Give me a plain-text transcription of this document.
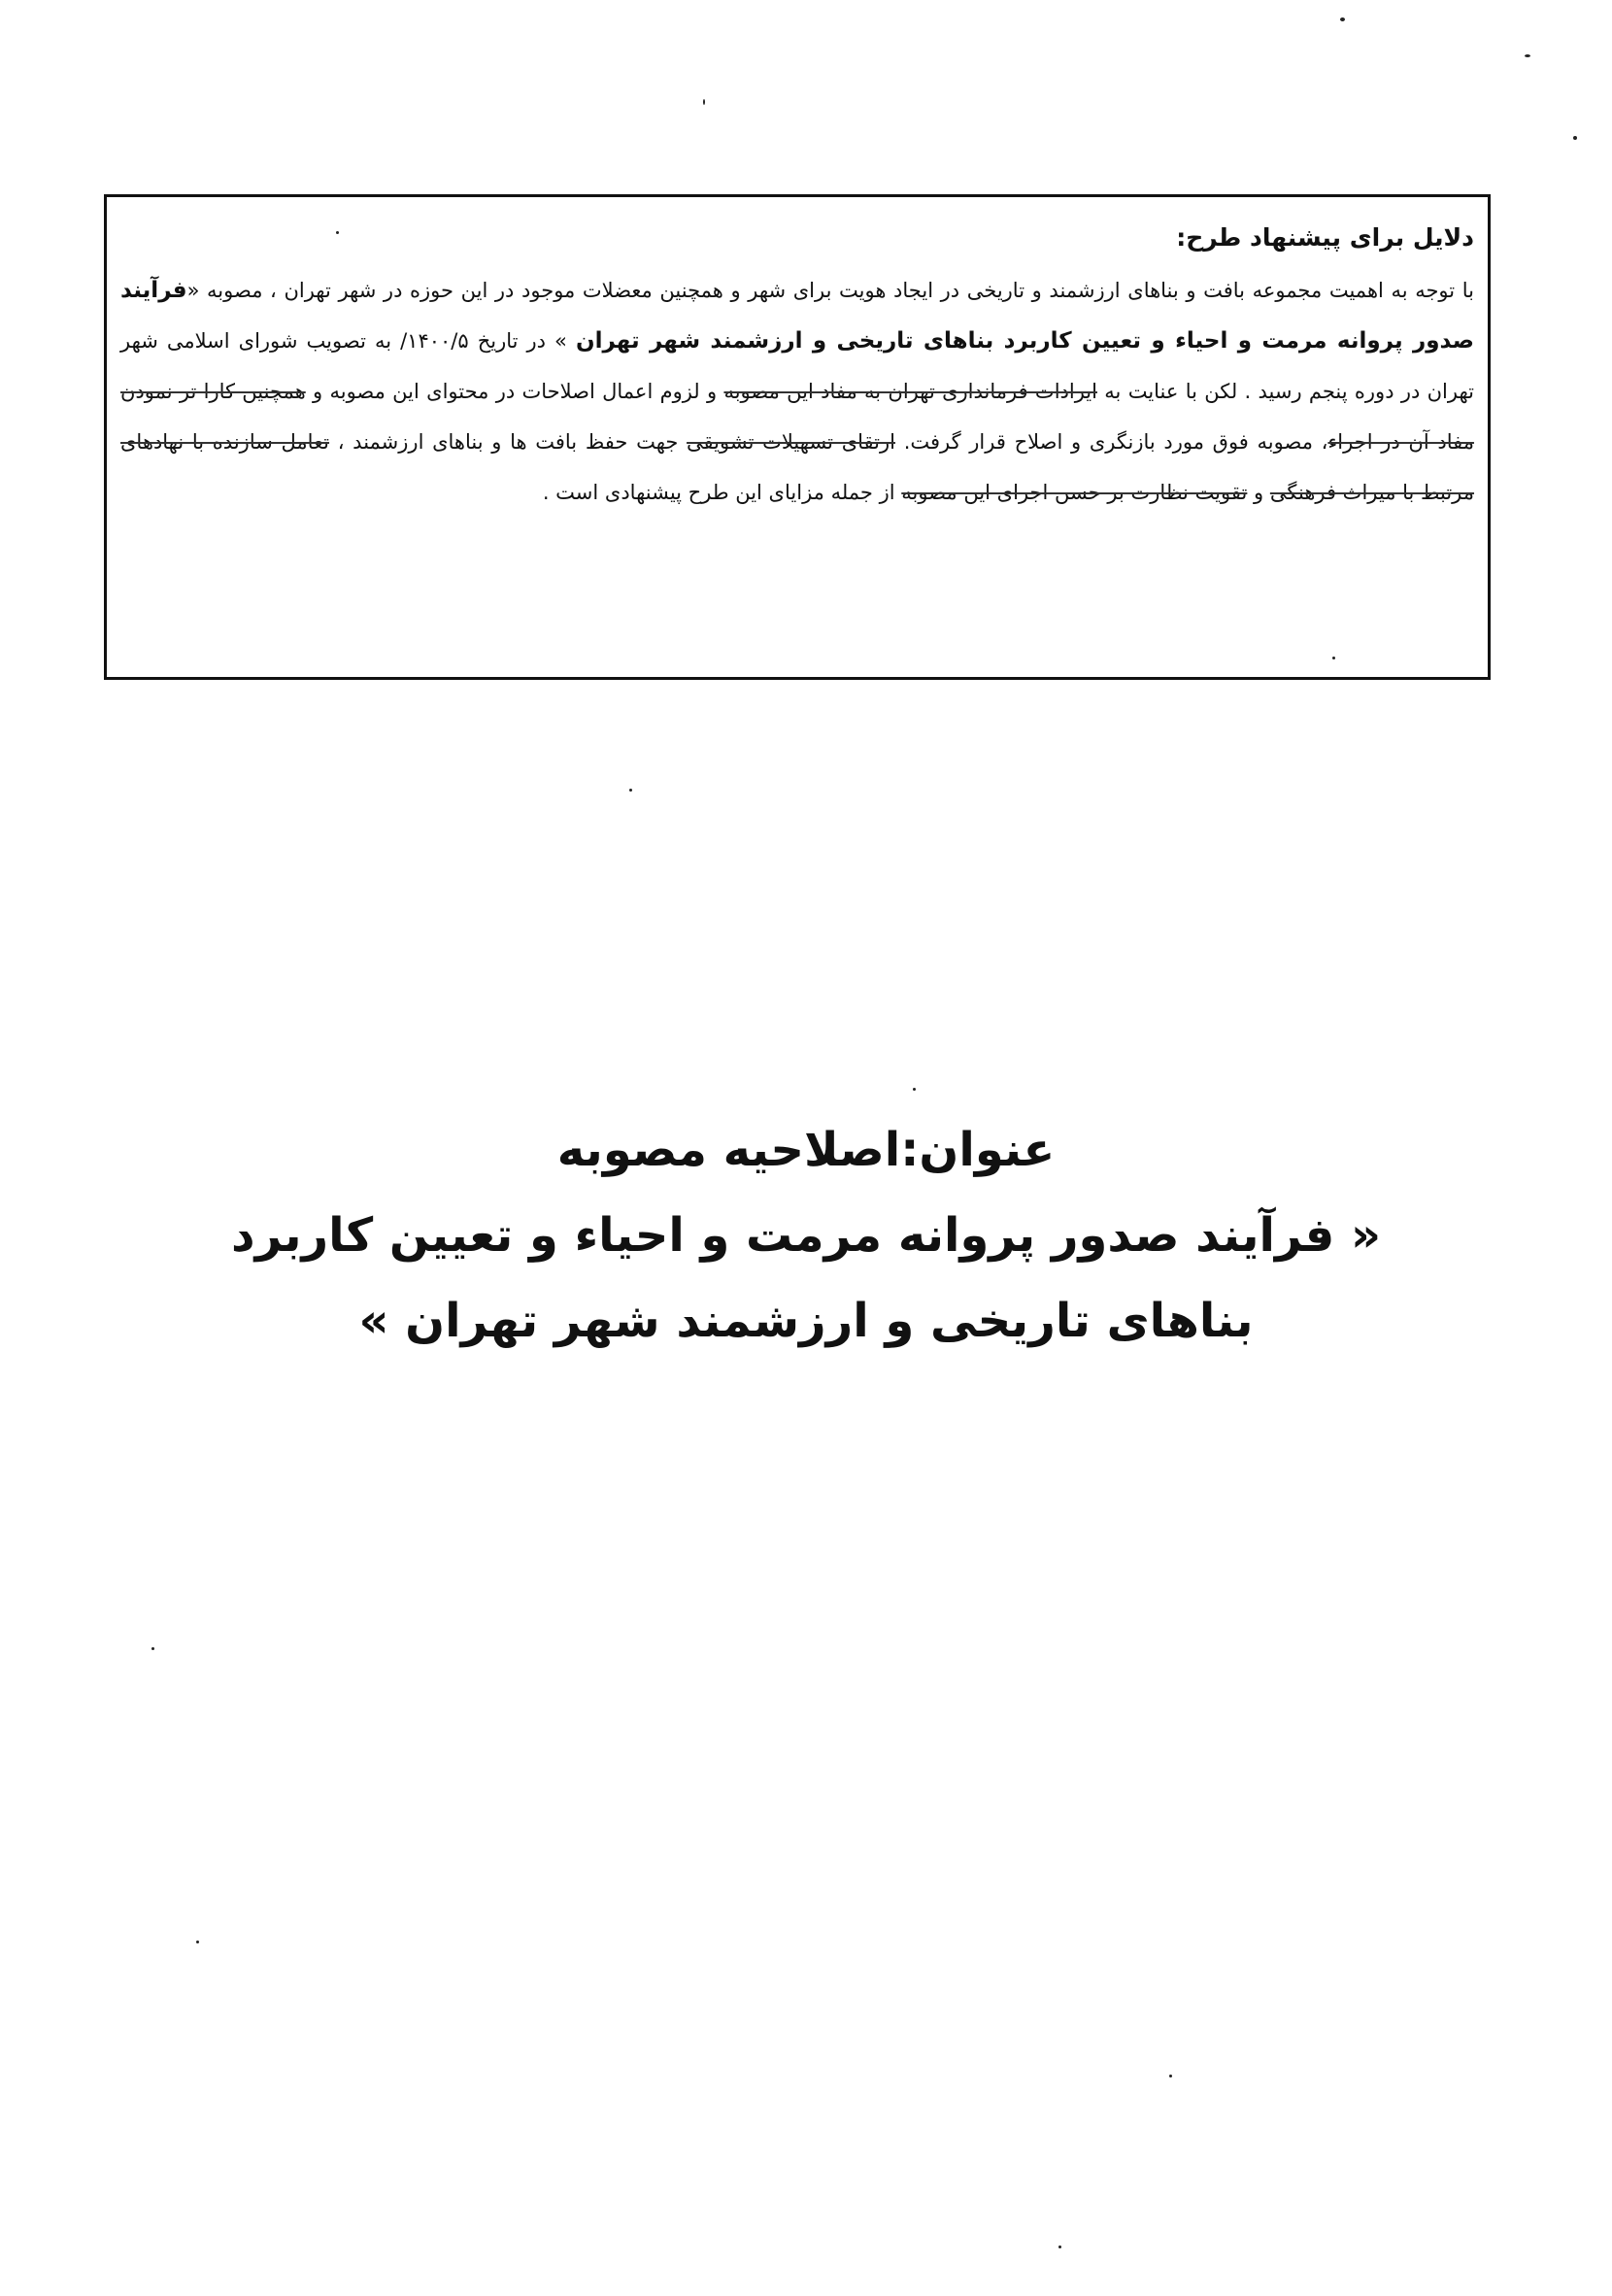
دلایل برای پیشنهاد طرح:

با توجه به اهمیت مجموعه بافت و بناهای ارزشمند و تاریخی در ایجاد هویت برای شهر و همچنین معضلات موجود در این حوزه در شهر تهران ، مصوبه «فرآیند صدور پروانه مرمت و احیاء و تعیین کاربرد بناهای تاریخی و ارزشمند شهر تهران » در تاریخ ۱۴۰۰/۵/ به تصویب شورای اسلامی شهر تهران در دوره پنجم رسید . لکن با عنایت به ایرادات فرمانداری تهران به مفاد این مصوبه و لزوم اعمال اصلاحات در محتوای این مصوبه و همچنین کارا تر نمودن مفاد آن در اجراء، مصوبه فوق مورد بازنگری و اصلاح قرار گرفت. ارتقای تسهیلات تشویقی جهت حفظ بافت ها و بناهای ارزشمند ، تعامل سازنده با نهادهای مرتبط با میراث فرهنگی و تقویت نظارت بر حسن اجرای این مصوبه از جمله مزایای این طرح پیشنهادی است .

عنوان:اصلاحیه مصوبه
« فرآیند صدور پروانه مرمت و احیاء و تعیین کاربرد
بناهای تاریخی و ارزشمند شهر تهران »
